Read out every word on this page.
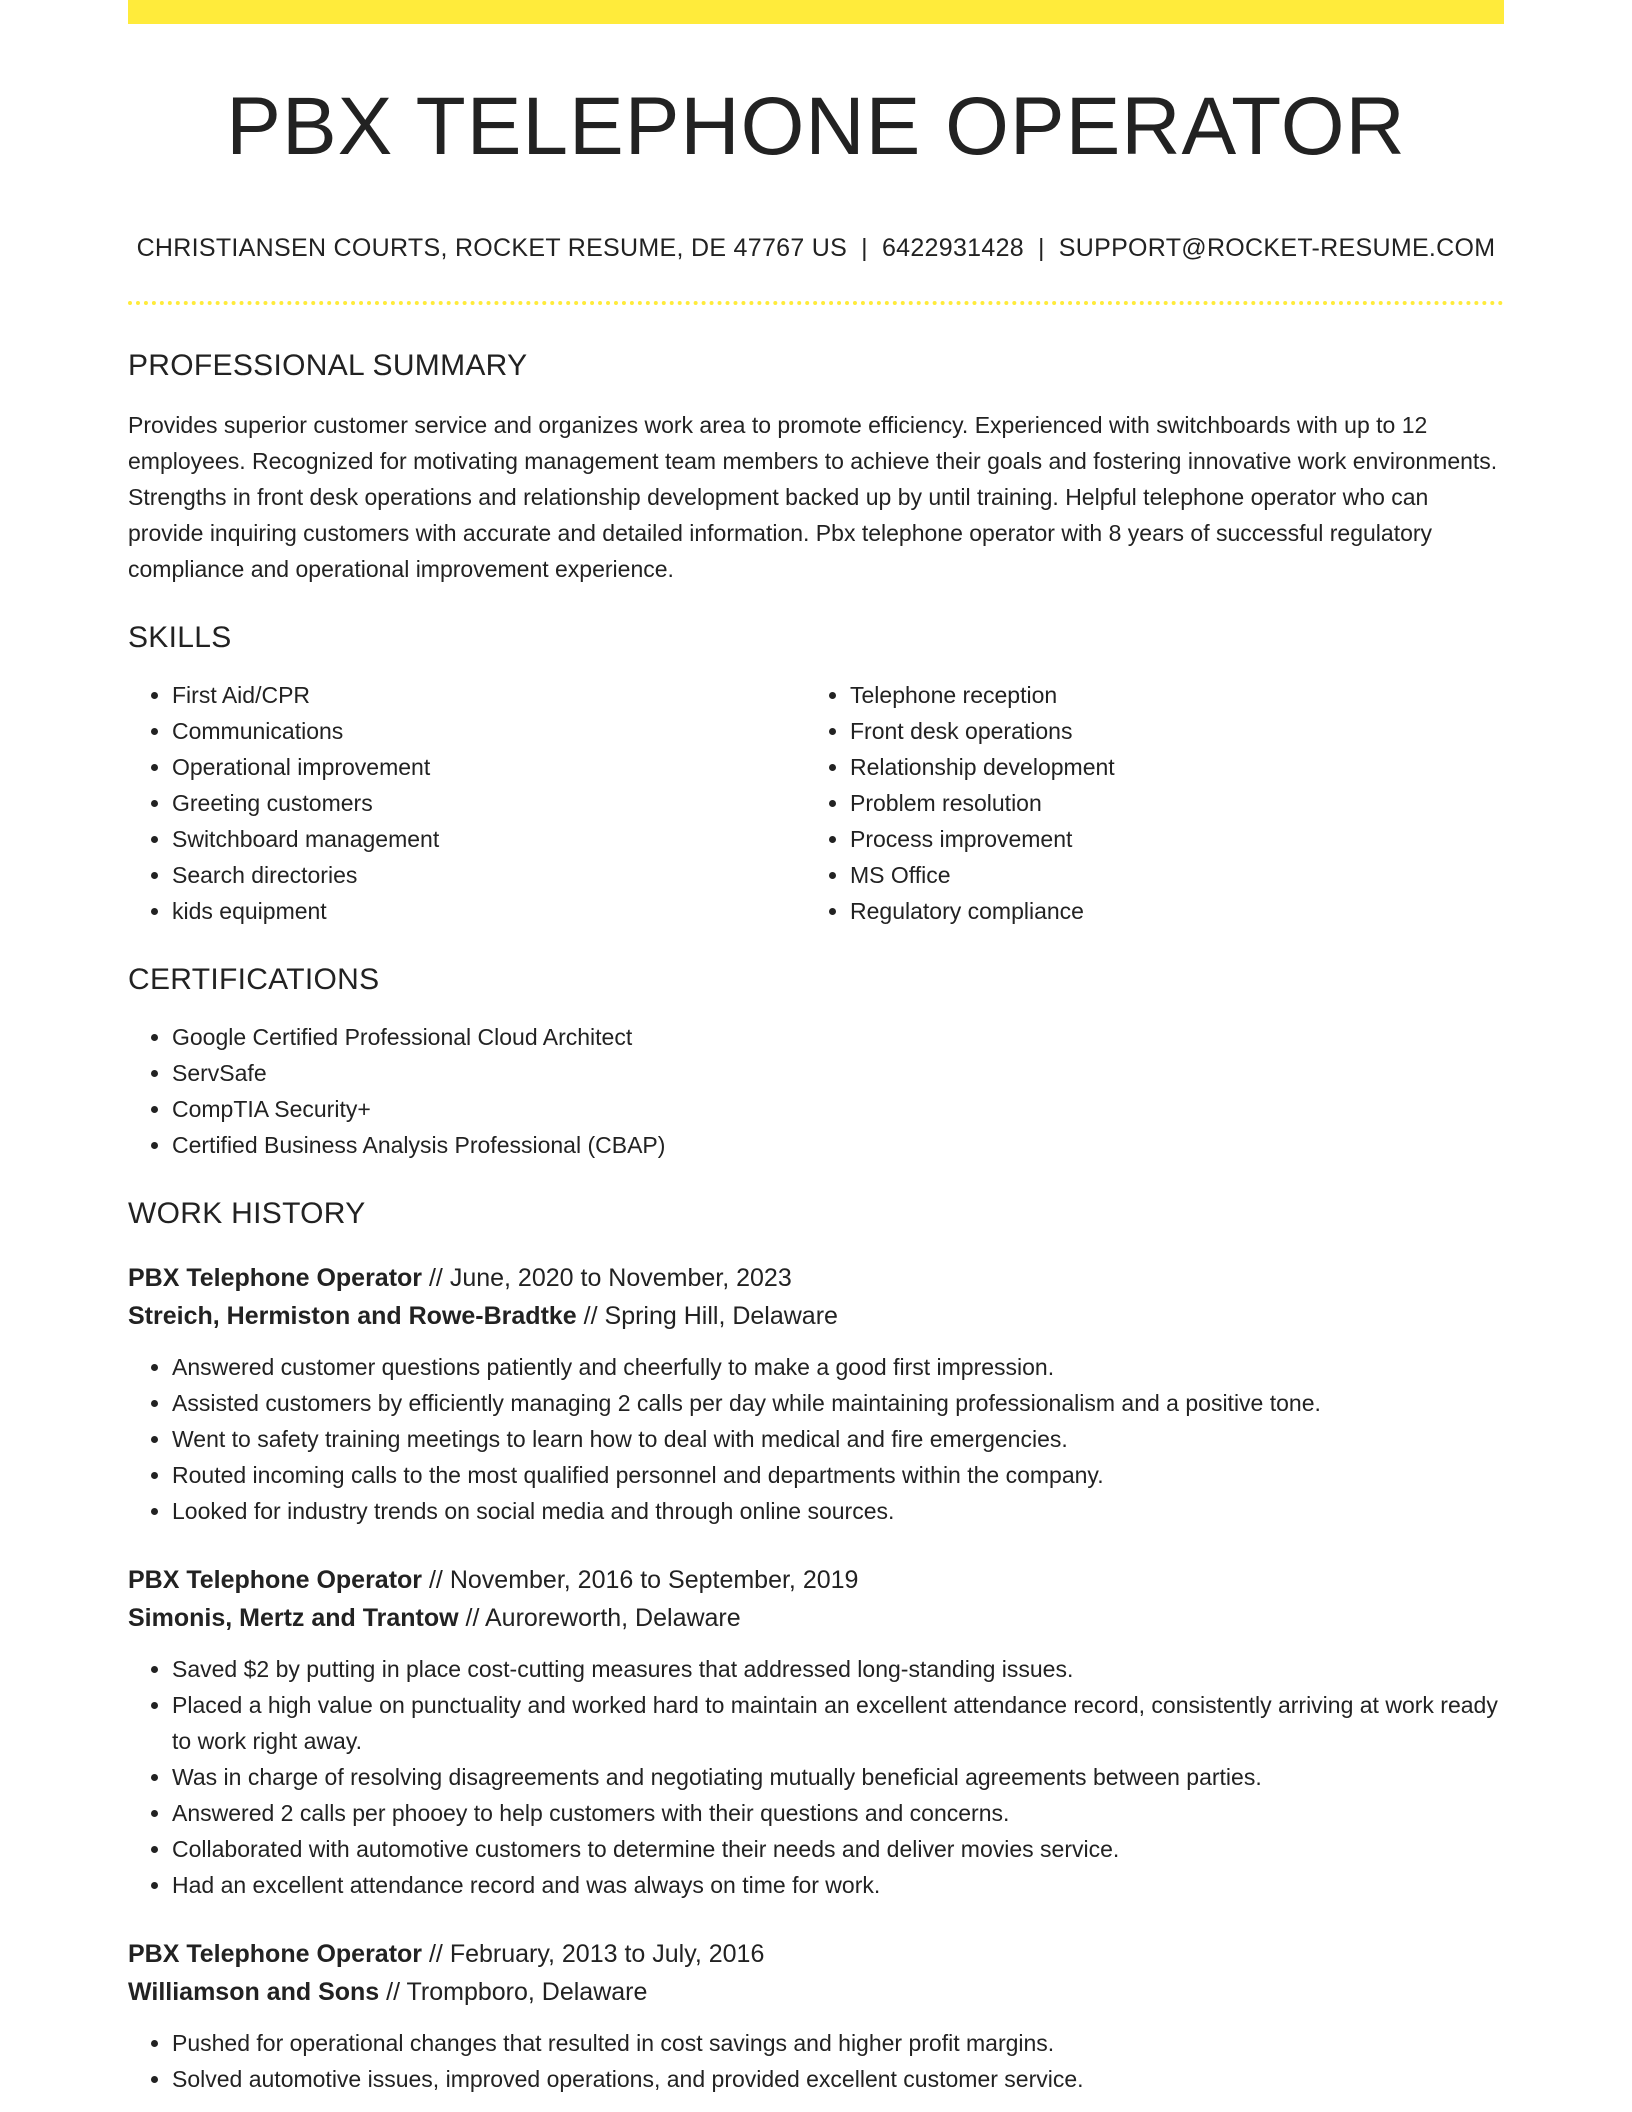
PBX TELEPHONE OPERATOR
CHRISTIANSEN COURTS, ROCKET RESUME, DE 47767 US | 6422931428 | SUPPORT@ROCKET-RESUME.COM
PROFESSIONAL SUMMARY

Provides superior customer service and organizes work area to promote efficiency. Experienced with switchboards with up to 12 employees. Recognized for motivating management team members to achieve their goals and fostering innovative work environments. Strengths in front desk operations and relationship development backed up by until training. Helpful telephone operator who can provide inquiring customers with accurate and detailed information. Pbx telephone operator with 8 years of successful regulatory compliance and operational improvement experience.

SKILLS
• First Aid/CPR
• Communications
• Operational improvement
• Greeting customers
• Switchboard management
• Search directories
• kids equipment
• Telephone reception
• Front desk operations
• Relationship development
• Problem resolution
• Process improvement
• MS Office
• Regulatory compliance
CERTIFICATIONS
• Google Certified Professional Cloud Architect
• ServSafe
• CompTIA Security+
• Certified Business Analysis Professional (CBAP)
WORK HISTORY
PBX Telephone Operator // June, 2020 to November, 2023
Streich, Hermiston and Rowe-Bradtke // Spring Hill, Delaware
• Answered customer questions patiently and cheerfully to make a good first impression.
• Assisted customers by efficiently managing 2 calls per day while maintaining professionalism and a positive tone.
• Went to safety training meetings to learn how to deal with medical and fire emergencies.
• Routed incoming calls to the most qualified personnel and departments within the company.
• Looked for industry trends on social media and through online sources.
PBX Telephone Operator // November, 2016 to September, 2019
Simonis, Mertz and Trantow // Auroreworth, Delaware
• Saved $2 by putting in place cost-cutting measures that addressed long-standing issues.
• Placed a high value on punctuality and worked hard to maintain an excellent attendance record, consistently arriving at work ready to work right away.
• Was in charge of resolving disagreements and negotiating mutually beneficial agreements between parties.
• Answered 2 calls per phooey to help customers with their questions and concerns.
• Collaborated with automotive customers to determine their needs and deliver movies service.
• Had an excellent attendance record and was always on time for work.
PBX Telephone Operator // February, 2013 to July, 2016
Williamson and Sons // Trompboro, Delaware
• Pushed for operational changes that resulted in cost savings and higher profit margins.
• Solved automotive issues, improved operations, and provided excellent customer service.
